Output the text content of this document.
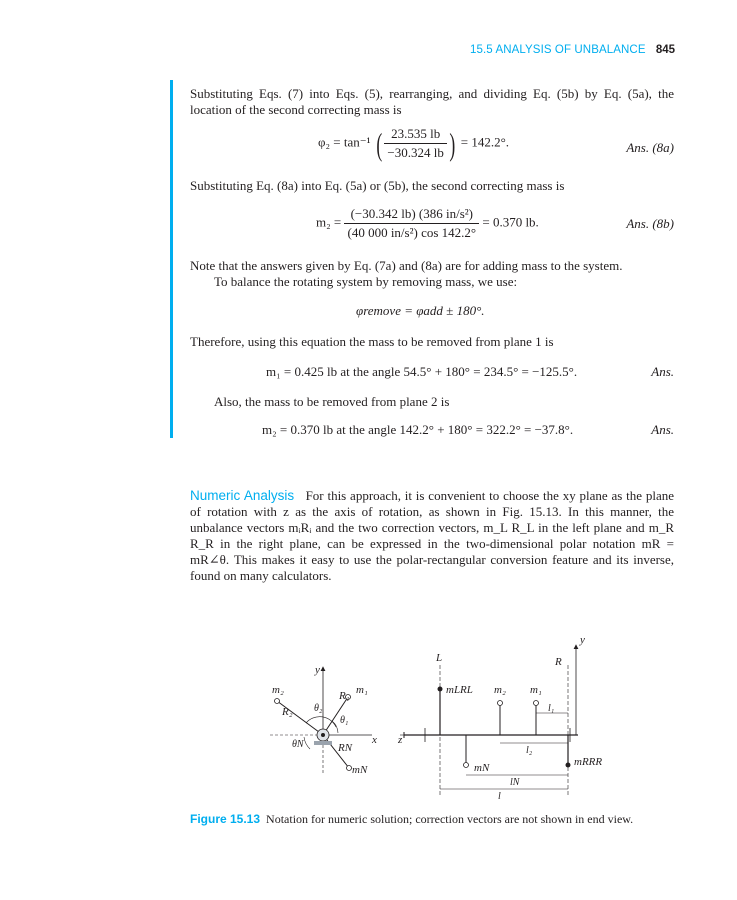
15.5 ANALYSIS OF UNBALANCE 845
Substituting Eqs. (7) into Eqs. (5), rearranging, and dividing Eq. (5b) by Eq. (5a), the location of the second correcting mass is
φ₂ = tan⁻¹ ( $\frac{23.535 lb}{-30.324 lb}$ ) = 142.2°.	Ans. (8a)
Substituting Eq. (8a) into Eq. (5a) or (5b), the second correcting mass is
$m_2 = \frac{\text{(−30.342 lb) (386 in/s²)}}{\text{(40 000 in/s²) cos 142.2°}} = 0.370$ lb.	Ans. (8b)
Note that the answers given by Eq. (7a) and (8a) are for adding mass to the system.
To balance the rotating system by removing mass, we use:
φremove = φadd ± 180°.
Therefore, using this equation the mass to be removed from plane 1 is
m₁ = 0.425 lb at the angle 54.5° + 180° = 234.5° = −125.5°.	Ans.
Also, the mass to be removed from plane 2 is
m₂ = 0.370 lb at the angle 142.2° + 180° = 322.2° = −37.8°.	Ans.
Numeric Analysis For this approach, it is convenient to choose the xy plane as the plane of rotation with z as the axis of rotation, as shown in Fig. 15.13. In this manner, the unbalance vectors mᵢRᵢ and the two correction vectors, m_L R_L in the left plane and m_R R_R in the right plane, can be expressed in the two-dimensional polar notation mR = mR∠θ. This makes it easy to use the polar-rectangular conversion feature and its inverse, found on many calculators.
y
x
m₁
m₂	R₁
R₂
θ₁
θ₂
θN	RN
mN
L	R
y
z
mLRL m₂ m₁
l₁
l₂
mN	mRRR
lN
l
Figure 15.13 Notation for numeric solution; correction vectors are not shown in end view.
